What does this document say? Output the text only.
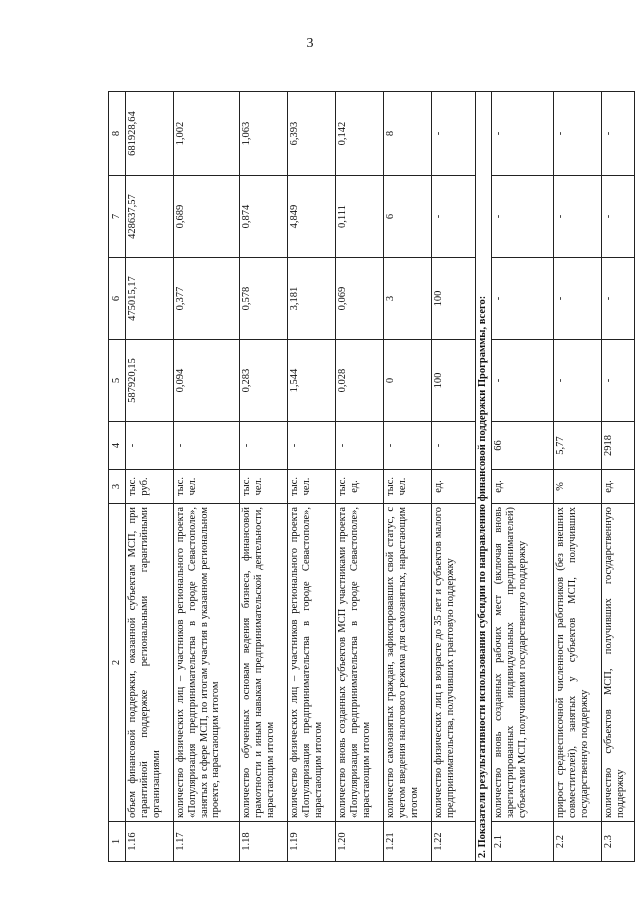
3
1	2	3	4	5	6	7	8
1.16	объем финансовой поддержки, оказанной субъектам МСП, при гарантийной поддержке региональными гарантийными организациями	тыс. руб.	-	587920,15	475015,17	428637,57	681928,64
1.17	количество физических лиц – участников регионального проекта «Популяризация предпринимательства в городе Севастополе», занятых в сфере МСП, по итогам участия в указанном региональном проекте, нарастающим итогом	тыс. чел.	-	0,094	0,377	0,689	1,002
1.18	количество обученных основам ведения бизнеса, финансовой грамотности и иным навыкам предпринимательской деятельности, нарастающим итогом	тыс. чел.	-	0,283	0,578	0,874	1,063
1.19	количество физических лиц – участников регионального проекта «Популяризация предпринимательства в городе Севастополе», нарастающим итогом	тыс. чел.	-	1,544	3,181	4,849	6,393
1.20	количество вновь созданных субъектов МСП участниками проекта «Популяризация предпринимательства в городе Севастополе», нарастающим итогом	тыс. ед.	-	0,028	0,069	0,111	0,142
1.21	количество самозанятых граждан, зафиксировавших свой статус, с учетом введения налогового режима для самозанятых, нарастающим итогом	тыс. чел.	-	0	3	6	8
1.22	количество физических лиц в возрасте до 35 лет и субъектов малого предпринимательства, получивших грантовую поддержку	ед.	-	100	100	-	-
2. Показатели результативности использования субсидии по направлению финансовой поддержки Программы, всего:							
2.1	количество вновь созданных рабочих мест (включая вновь зарегистрированных индивидуальных предпринимателей) субъектами МСП, получившими государственную поддержку	ед.	66	-	-	-	-
2.2	прирост среднесписочной численности работников (без внешних совместителей), занятых у субъектов МСП, получивших государственную поддержку	%	5,77	-	-	-	-
2.3	количество субъектов МСП, получивших государственную поддержку	ед.	2918	-	-	-	-
